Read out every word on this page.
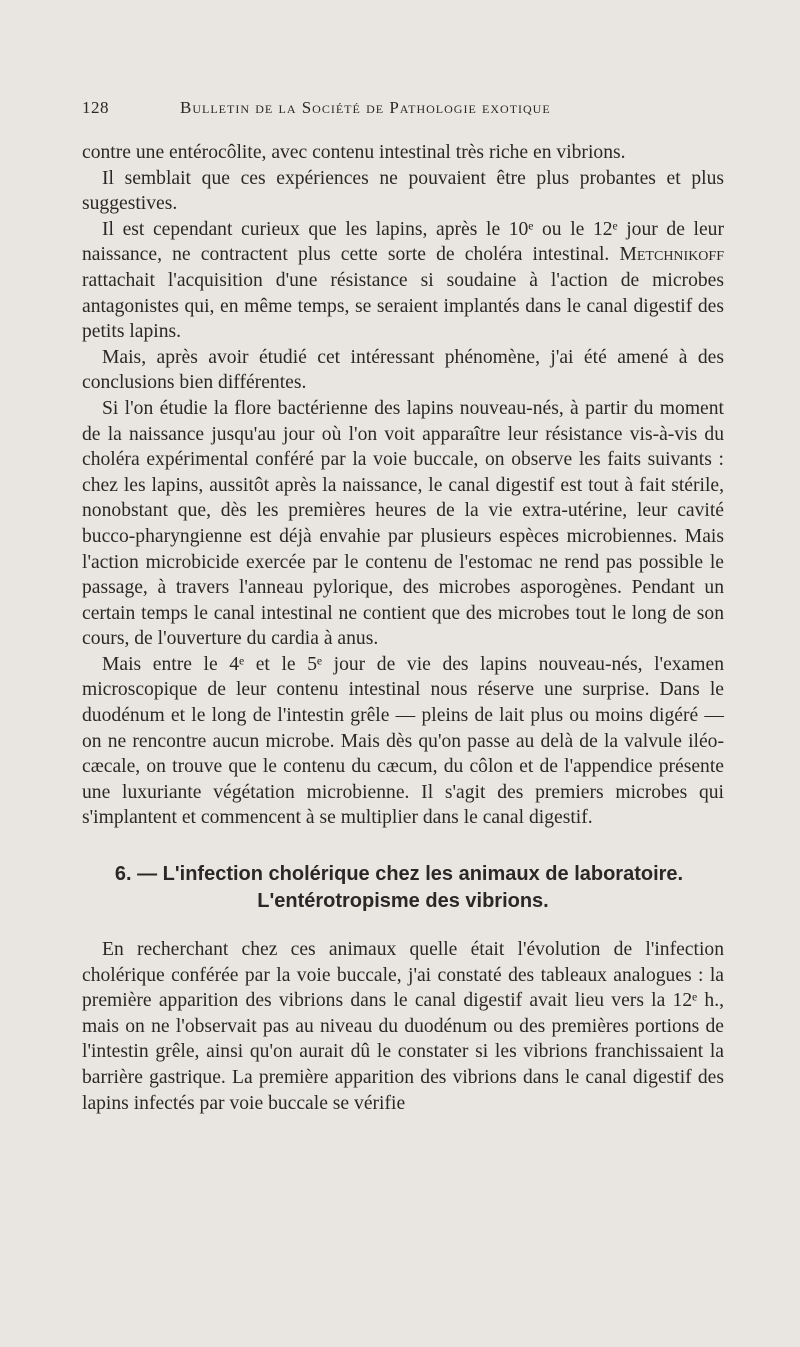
128	Bulletin de la Société de Pathologie exotique

contre une entérocôlite, avec contenu intestinal très riche en vibrions.

Il semblait que ces expériences ne pouvaient être plus probantes et plus suggestives.

Il est cependant curieux que les lapins, après le 10ᵉ ou le 12ᵉ jour de leur naissance, ne contractent plus cette sorte de choléra intestinal. Metchnikoff rattachait l'acquisition d'une résistance si soudaine à l'action de microbes antagonistes qui, en même temps, se seraient implantés dans le canal digestif des petits lapins.

Mais, après avoir étudié cet intéressant phénomène, j'ai été amené à des conclusions bien différentes.

Si l'on étudie la flore bactérienne des lapins nouveau-nés, à partir du moment de la naissance jusqu'au jour où l'on voit apparaître leur résistance vis-à-vis du choléra expérimental conféré par la voie buccale, on observe les faits suivants : chez les lapins, aussitôt après la naissance, le canal digestif est tout à fait stérile, nonobstant que, dès les premières heures de la vie extra-utérine, leur cavité bucco-pharyngienne est déjà envahie par plusieurs espèces microbiennes. Mais l'action microbicide exercée par le contenu de l'estomac ne rend pas possible le passage, à travers l'anneau pylorique, des microbes asporogènes. Pendant un certain temps le canal intestinal ne contient que des microbes tout le long de son cours, de l'ouverture du cardia à anus.

Mais entre le 4ᵉ et le 5ᵉ jour de vie des lapins nouveau-nés, l'examen microscopique de leur contenu intestinal nous réserve une surprise. Dans le duodénum et le long de l'intestin grêle — pleins de lait plus ou moins digéré — on ne rencontre aucun microbe. Mais dès qu'on passe au delà de la valvule iléo-cæcale, on trouve que le contenu du cæcum, du côlon et de l'appendice présente une luxuriante végétation microbienne. Il s'agit des premiers microbes qui s'implantent et commencent à se multiplier dans le canal digestif.

6. — L'infection cholérique chez les animaux de laboratoire.
L'entérotropisme des vibrions.

En recherchant chez ces animaux quelle était l'évolution de l'infection cholérique conférée par la voie buccale, j'ai constaté des tableaux analogues : la première apparition des vibrions dans le canal digestif avait lieu vers la 12ᵉ h., mais on ne l'observait pas au niveau du duodénum ou des premières portions de l'intestin grêle, ainsi qu'on aurait dû le constater si les vibrions franchissaient la barrière gastrique. La première apparition des vibrions dans le canal digestif des lapins infectés par voie buccale se vérifie
